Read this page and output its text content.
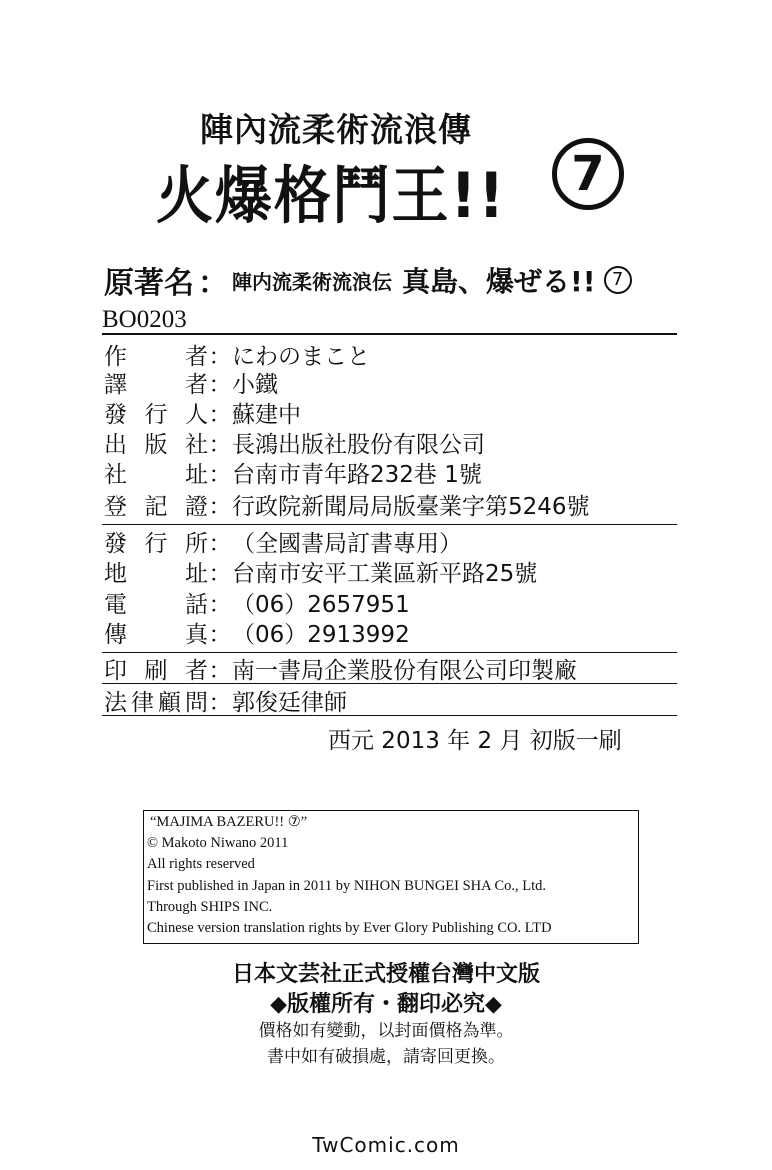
陣內流柔術流浪傳
火爆格鬥王!!	7
原著名 ： 陣内流柔術流浪伝 真島、爆ぜる!! 7
BO0203
作	者 ： にわのまこと
譯	者 ： 小鐵
發 行 人 ： 蘇建中
出 版 社 ： 長鴻出版社股份有限公司
社	址 ： 台南市青年路232巷 1號
登 記 證 ： 行政院新聞局局版臺業字第5246號
發 行 所 ： （全國書局訂書專用）
地	址 ： 台南市安平工業區新平路25號
電	話 ： （06）2657951
傳	真 ： （06）2913992
印 刷 者 ： 南一書局企業股份有限公司印製廠
法 律 顧 問 ： 郭俊廷律師
西元 2013 年 2 月 初版一刷
“MAJIMA BAZERU!! ⑦”
© Makoto Niwano 2011
All rights reserved
First published in Japan in 2011 by NIHON BUNGEI SHA Co., Ltd.
Through SHIPS INC.
Chinese version translation rights by Ever Glory Publishing CO. LTD
日本文芸社正式授權台灣中文版
◆版權所有・翻印必究◆
價格如有變動，以封面價格為準。
書中如有破損處，請寄回更換。
TwComic.com
